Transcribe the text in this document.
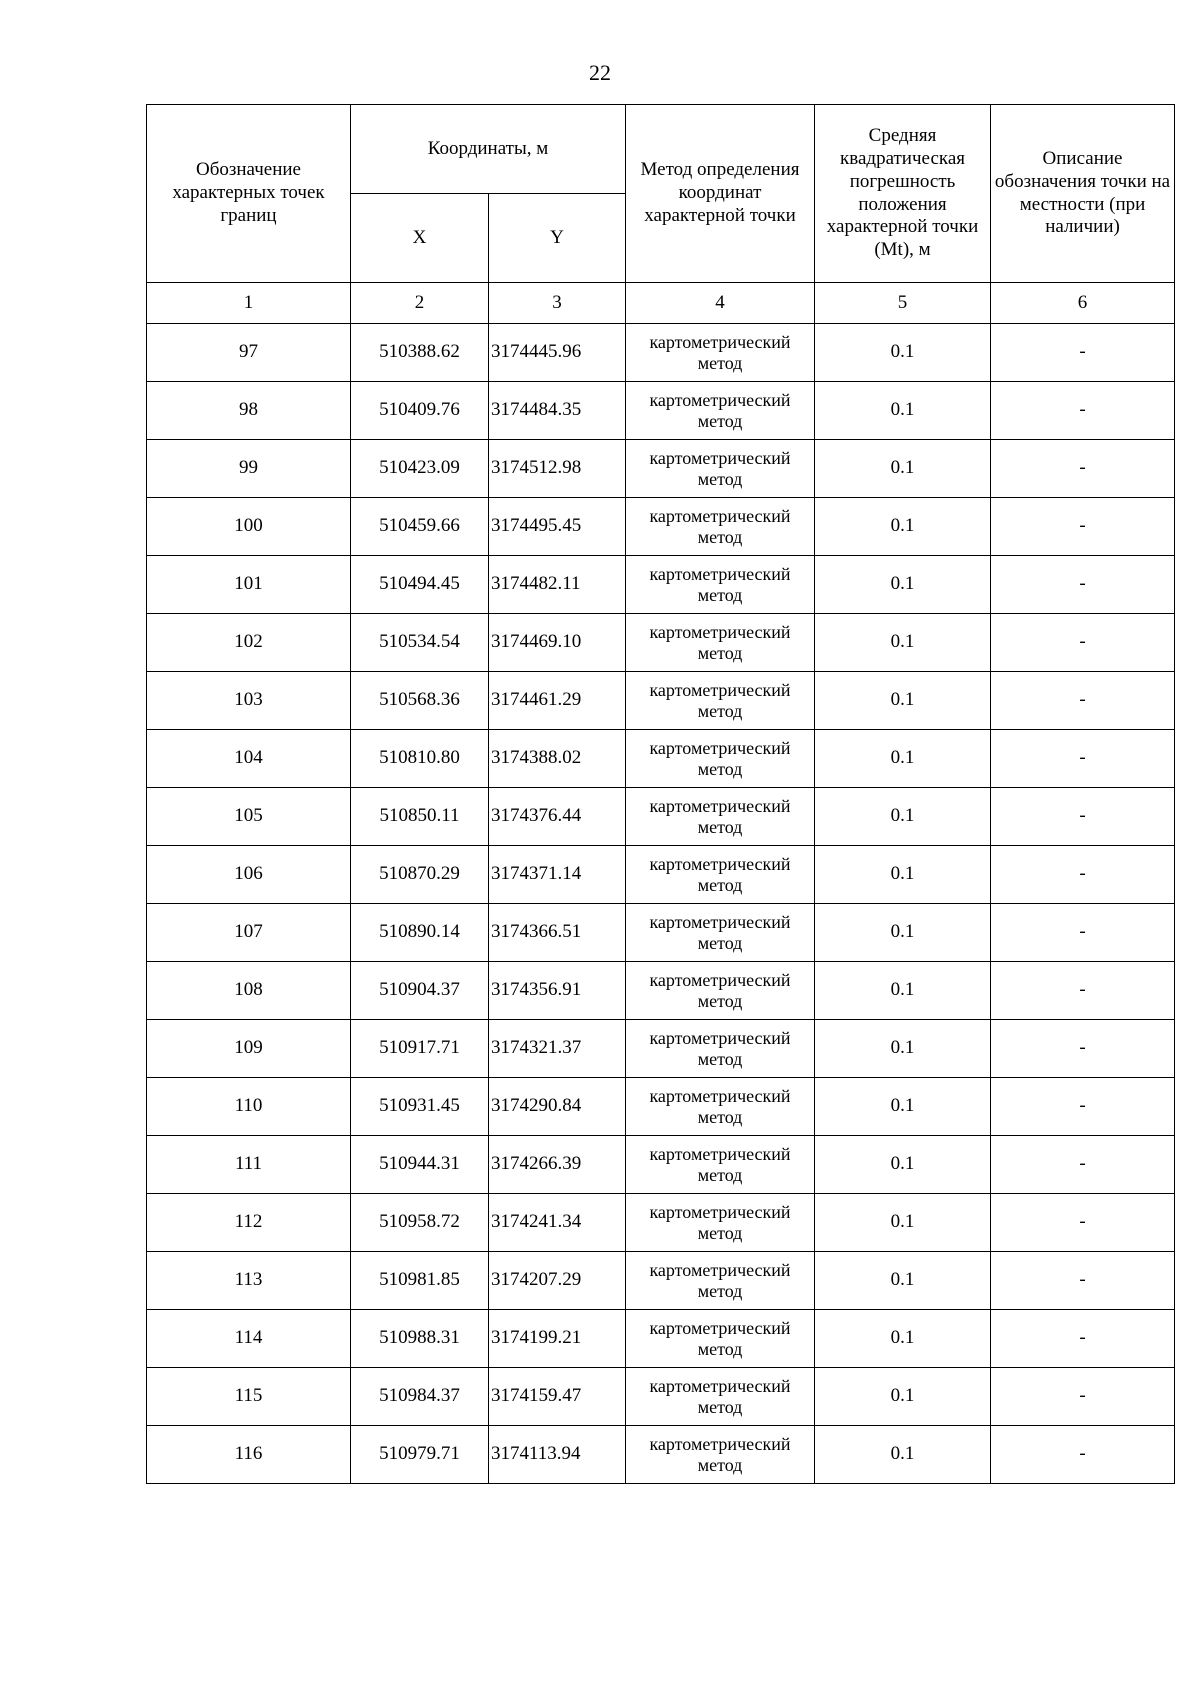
22
Обозначение характерных точек границ	Координаты, м		Метод определения координат характерной точки	Средняя квадратическая погрешность положения характерной точки (Mt), м	Описание обозначения точки на местности (при наличии)
	X	Y			
1	2	3	4	5	6
97	510388.62	3174445.96	картометрический метод	0.1	-
98	510409.76	3174484.35	картометрический метод	0.1	-
99	510423.09	3174512.98	картометрический метод	0.1	-
100	510459.66	3174495.45	картометрический метод	0.1	-
101	510494.45	3174482.11	картометрический метод	0.1	-
102	510534.54	3174469.10	картометрический метод	0.1	-
103	510568.36	3174461.29	картометрический метод	0.1	-
104	510810.80	3174388.02	картометрический метод	0.1	-
105	510850.11	3174376.44	картометрический метод	0.1	-
106	510870.29	3174371.14	картометрический метод	0.1	-
107	510890.14	3174366.51	картометрический метод	0.1	-
108	510904.37	3174356.91	картометрический метод	0.1	-
109	510917.71	3174321.37	картометрический метод	0.1	-
110	510931.45	3174290.84	картометрический метод	0.1	-
111	510944.31	3174266.39	картометрический метод	0.1	-
112	510958.72	3174241.34	картометрический метод	0.1	-
113	510981.85	3174207.29	картометрический метод	0.1	-
114	510988.31	3174199.21	картометрический метод	0.1	-
115	510984.37	3174159.47	картометрический метод	0.1	-
116	510979.71	3174113.94	картометрический метод	0.1	-
